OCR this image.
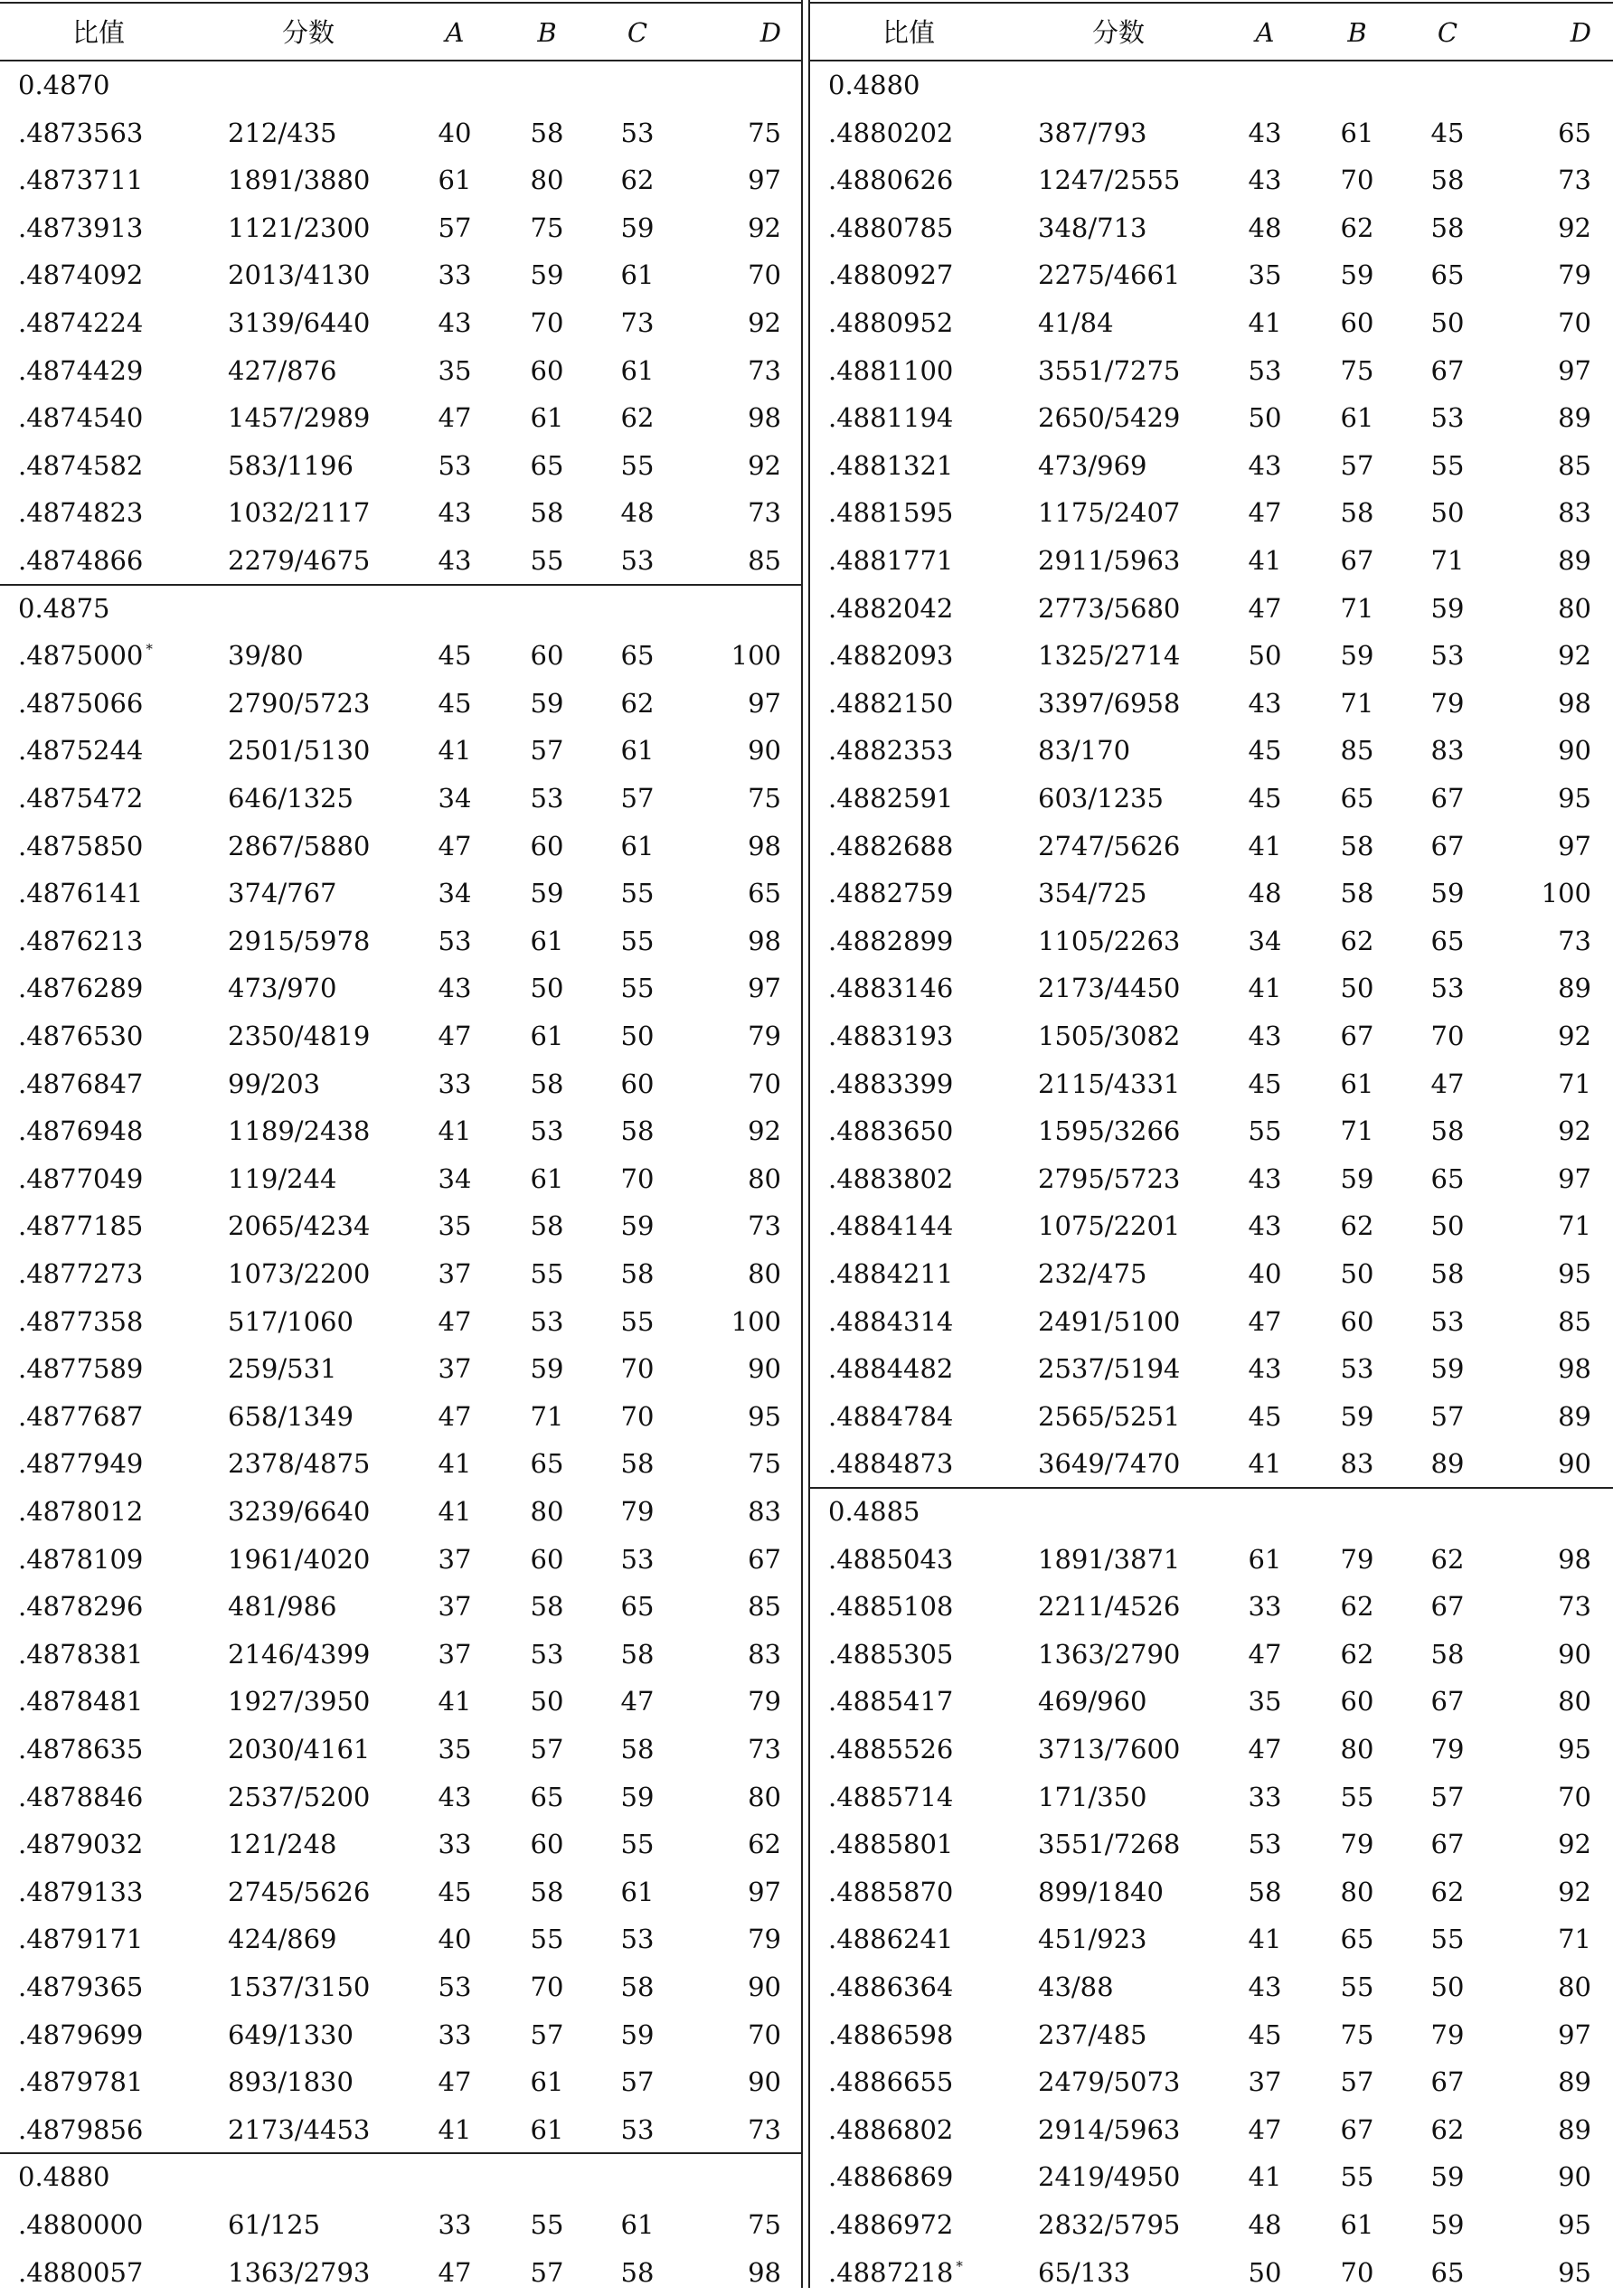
比值	分数	A	B	C	D
0.4870
.4873563	212/435	40	58	53	75
.4873711	1891/3880	61	80	62	97
.4873913	1121/2300	57	75	59	92
.4874092	2013/4130	33	59	61	70
.4874224	3139/6440	43	70	73	92
.4874429	427/876	35	60	61	73
.4874540	1457/2989	47	61	62	98
.4874582	583/1196	53	65	55	92
.4874823	1032/2117	43	58	48	73
.4874866	2279/4675	43	55	53	85
0.4875
.4875000 *	39/80	45	60	65	100
.4875066	2790/5723	45	59	62	97
.4875244	2501/5130	41	57	61	90
.4875472	646/1325	34	53	57	75
.4875850	2867/5880	47	60	61	98
.4876141	374/767	34	59	55	65
.4876213	2915/5978	53	61	55	98
.4876289	473/970	43	50	55	97
.4876530	2350/4819	47	61	50	79
.4876847	99/203	33	58	60	70
.4876948	1189/2438	41	53	58	92
.4877049	119/244	34	61	70	80
.4877185	2065/4234	35	58	59	73
.4877273	1073/2200	37	55	58	80
.4877358	517/1060	47	53	55	100
.4877589	259/531	37	59	70	90
.4877687	658/1349	47	71	70	95
.4877949	2378/4875	41	65	58	75
.4878012	3239/6640	41	80	79	83
.4878109	1961/4020	37	60	53	67
.4878296	481/986	37	58	65	85
.4878381	2146/4399	37	53	58	83
.4878481	1927/3950	41	50	47	79
.4878635	2030/4161	35	57	58	73
.4878846	2537/5200	43	65	59	80
.4879032	121/248	33	60	55	62
.4879133	2745/5626	45	58	61	97
.4879171	424/869	40	55	53	79
.4879365	1537/3150	53	70	58	90
.4879699	649/1330	33	57	59	70
.4879781	893/1830	47	61	57	90
.4879856	2173/4453	41	61	53	73
0.4880
.4880000	61/125	33	55	61	75
.4880057	1363/2793	47	57	58	98
比值	分数	A	B	C	D
0.4880
.4880202	387/793	43	61	45	65
.4880626	1247/2555	43	70	58	73
.4880785	348/713	48	62	58	92
.4880927	2275/4661	35	59	65	79
.4880952	41/84	41	60	50	70
.4881100	3551/7275	53	75	67	97
.4881194	2650/5429	50	61	53	89
.4881321	473/969	43	57	55	85
.4881595	1175/2407	47	58	50	83
.4881771	2911/5963	41	67	71	89
.4882042	2773/5680	47	71	59	80
.4882093	1325/2714	50	59	53	92
.4882150	3397/6958	43	71	79	98
.4882353	83/170	45	85	83	90
.4882591	603/1235	45	65	67	95
.4882688	2747/5626	41	58	67	97
.4882759	354/725	48	58	59	100
.4882899	1105/2263	34	62	65	73
.4883146	2173/4450	41	50	53	89
.4883193	1505/3082	43	67	70	92
.4883399	2115/4331	45	61	47	71
.4883650	1595/3266	55	71	58	92
.4883802	2795/5723	43	59	65	97
.4884144	1075/2201	43	62	50	71
.4884211	232/475	40	50	58	95
.4884314	2491/5100	47	60	53	85
.4884482	2537/5194	43	53	59	98
.4884784	2565/5251	45	59	57	89
.4884873	3649/7470	41	83	89	90
0.4885
.4885043	1891/3871	61	79	62	98
.4885108	2211/4526	33	62	67	73
.4885305	1363/2790	47	62	58	90
.4885417	469/960	35	60	67	80
.4885526	3713/7600	47	80	79	95
.4885714	171/350	33	55	57	70
.4885801	3551/7268	53	79	67	92
.4885870	899/1840	58	80	62	92
.4886241	451/923	41	65	55	71
.4886364	43/88	43	55	50	80
.4886598	237/485	45	75	79	97
.4886655	2479/5073	37	57	67	89
.4886802	2914/5963	47	67	62	89
.4886869	2419/4950	41	55	59	90
.4886972	2832/5795	48	61	59	95
.4887218 *	65/133	50	70	65	95
